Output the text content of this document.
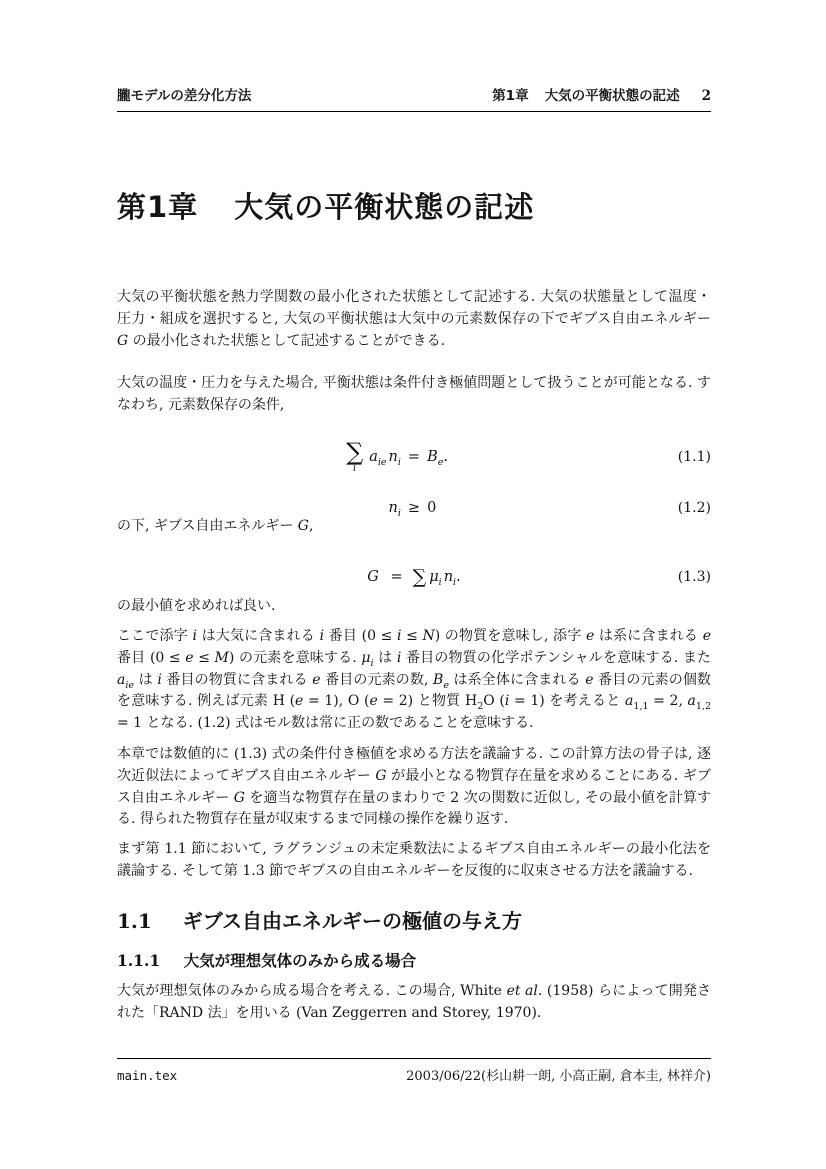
朧モデルの差分化方法	第1章 大気の平衡状態の記述 2
第1章 大気の平衡状態の記述

大気の平衡状態を熱力学関数の最小化された状態として記述する. 大気の状態量として温度・圧力・組成を選択すると, 大気の平衡状態は大気中の元素数保存の下でギブス自由エネルギー G の最小化された状態として記述することができる.

大気の温度・圧力を与えた場合, 平衡状態は条件付き極値問題として扱うことが可能となる. すなわち, 元素数保存の条件,

∑
i
$a_{ie}$ $n_i = B_e$.	(1.1)
$n_i \ge 0$	(1.2)

の下, ギブス自由エネルギー G,

G = ∑ $\mu_i$ $n_i$.	(1.3)

の最小値を求めれば良い.

ここで添字 i は大気に含まれる i 番目 (0 ≤ i ≤ N) の物質を意味し, 添字 e は系に含まれる e 番目 (0 ≤ e ≤ M) の元素を意味する. $\mu_i$ は i 番目の物質の化学ポテンシャルを意味する. また $a_{ie}$ は i 番目の物質に含まれる e 番目の元素の数, $B_e$ は系全体に含まれる e 番目の元素の個数を意味する. 例えば元素 H (e = 1), O (e = 2) と物質 $H_2O$ (i = 1) を考えると $a_{1,1} = 2$, $a_{1,2} = 1$ となる. (1.2) 式はモル数は常に正の数であることを意味する.

本章では数値的に (1.3) 式の条件付き極値を求める方法を議論する. この計算方法の骨子は, 逐次近似法によってギブス自由エネルギー G が最小となる物質存在量を求めることにある. ギブス自由エネルギー G を適当な物質存在量のまわりで 2 次の関数に近似し, その最小値を計算する. 得られた物質存在量が収束するまで同様の操作を繰り返す.

まず第 1.1 節において, ラグランジュの未定乗数法によるギブス自由エネルギーの最小化法を議論する. そして第 1.3 節でギブスの自由エネルギーを反復的に収束させる方法を議論する.

1.1 ギブス自由エネルギーの極値の与え方
1.1.1 大気が理想気体のみから成る場合

大気が理想気体のみから成る場合を考える. この場合, White et al. (1958) らによって開発された「RAND 法」を用いる (Van Zeggerren and Storey, 1970).

main.tex	2003/06/22(杉山耕一朗, 小高正嗣, 倉本圭, 林祥介)
